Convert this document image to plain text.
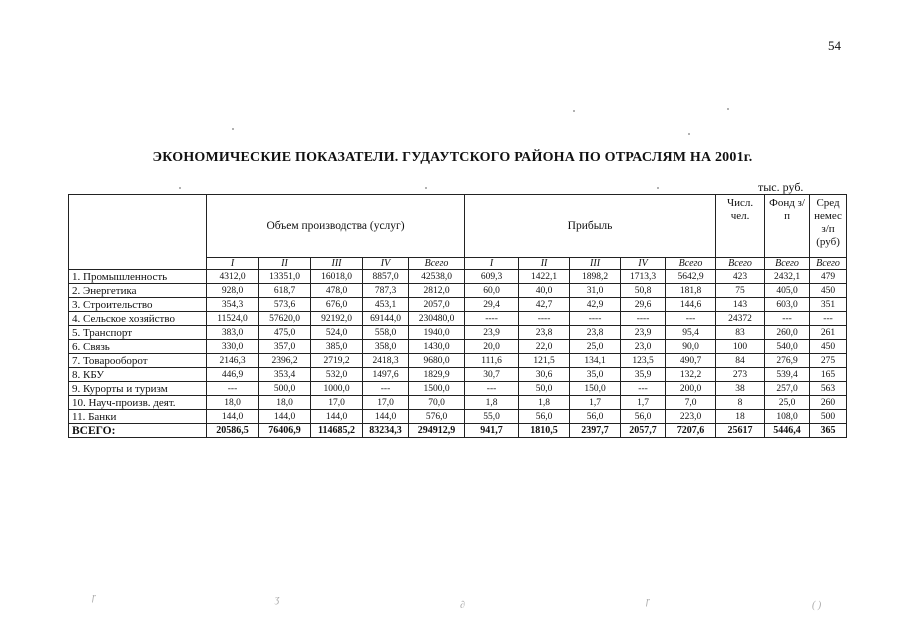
54
ЭКОНОМИЧЕСКИЕ ПОКАЗАТЕЛИ. ГУДАУТСКОГО РАЙОНА ПО ОТРАСЛЯМ НА 2001г.
тыс. руб.
	Объем производства (услуг)					Прибыль					Числ. чел.	Фонд з/п	Сред немес з/п (руб)
	I	II	III	IV	Всего	I	II	III	IV	Всего	Всего	Всего	Всего
1. Промышленность	4312,0	13351,0	16018,0	8857,0	42538,0	609,3	1422,1	1898,2	1713,3	5642,9	423	2432,1	479
2. Энергетика	928,0	618,7	478,0	787,3	2812,0	60,0	40,0	31,0	50,8	181,8	75	405,0	450
3. Строительство	354,3	573,6	676,0	453,1	2057,0	29,4	42,7	42,9	29,6	144,6	143	603,0	351
4. Сельское хозяйство	11524,0	57620,0	92192,0	69144,0	230480,0	----	----	----	----	---	24372	---	---
5. Транспорт	383,0	475,0	524,0	558,0	1940,0	23,9	23,8	23,8	23,9	95,4	83	260,0	261
6. Связь	330,0	357,0	385,0	358,0	1430,0	20,0	22,0	25,0	23,0	90,0	100	540,0	450
7. Товарооборот	2146,3	2396,2	2719,2	2418,3	9680,0	111,6	121,5	134,1	123,5	490,7	84	276,9	275
8. КБУ	446,9	353,4	532,0	1497,6	1829,9	30,7	30,6	35,0	35,9	132,2	273	539,4	165
9. Курорты и туризм	---	500,0	1000,0	---	1500,0	---	50,0	150,0	---	200,0	38	257,0	563
10. Науч-произв. деят.	18,0	18,0	17,0	17,0	70,0	1,8	1,8	1,7	1,7	7,0	8	25,0	260
11. Банки	144,0	144,0	144,0	144,0	576,0	55,0	56,0	56,0	56,0	223,0	18	108,0	500
ВСЕГО:	20586,5	76406,9	114685,2	83234,3	294912,9	941,7	1810,5	2397,7	2057,7	7207,6	25617	5446,4	365
ɼ	ʒ
∂	ɼ	( )
